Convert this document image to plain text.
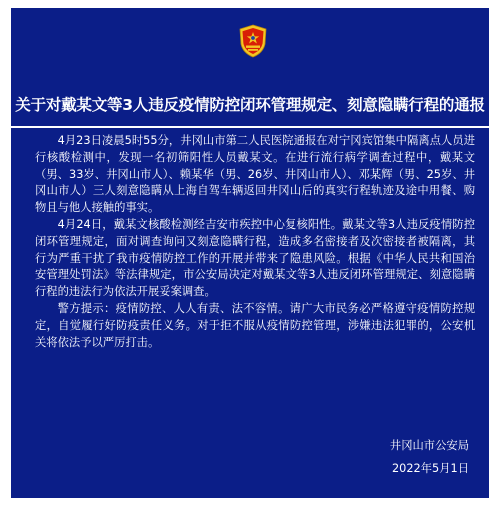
关于对戴某文等3人违反疫情防控闭环管理规定、刻意隐瞒行程的通报

4月23日凌晨5时55分，井冈山市第二人民医院通报在对宁冈宾馆集中隔离点人员进行核酸检测中，发现一名初筛阳性人员戴某文。在进行流行病学调查过程中，戴某文（男、33岁、井冈山市人）、赖某华（男、26岁、井冈山市人）、邓某辉（男、25岁、井冈山市人）三人刻意隐瞒从上海自驾车辆返回井冈山后的真实行程轨迹及途中用餐、购物且与他人接触的事实。

4月24日，戴某文核酸检测经吉安市疾控中心复核阳性。戴某文等3人违反疫情防控闭环管理规定，面对调查询问又刻意隐瞒行程，造成多名密接者及次密接者被隔离，其行为严重干扰了我市疫情防控工作的开展并带来了隐患风险。根据《中华人民共和国治安管理处罚法》等法律规定，市公安局决定对戴某文等3人违反闭环管理规定、刻意隐瞒行程的违法行为依法开展妥案调查。

警方提示：疫情防控、人人有责、法不容情。请广大市民务必严格遵守疫情防控规定，自觉履行好防疫责任义务。对于拒不服从疫情防控管理，涉嫌违法犯罪的，公安机关将依法予以严厉打击。

井冈山市公安局
2022年5月1日
